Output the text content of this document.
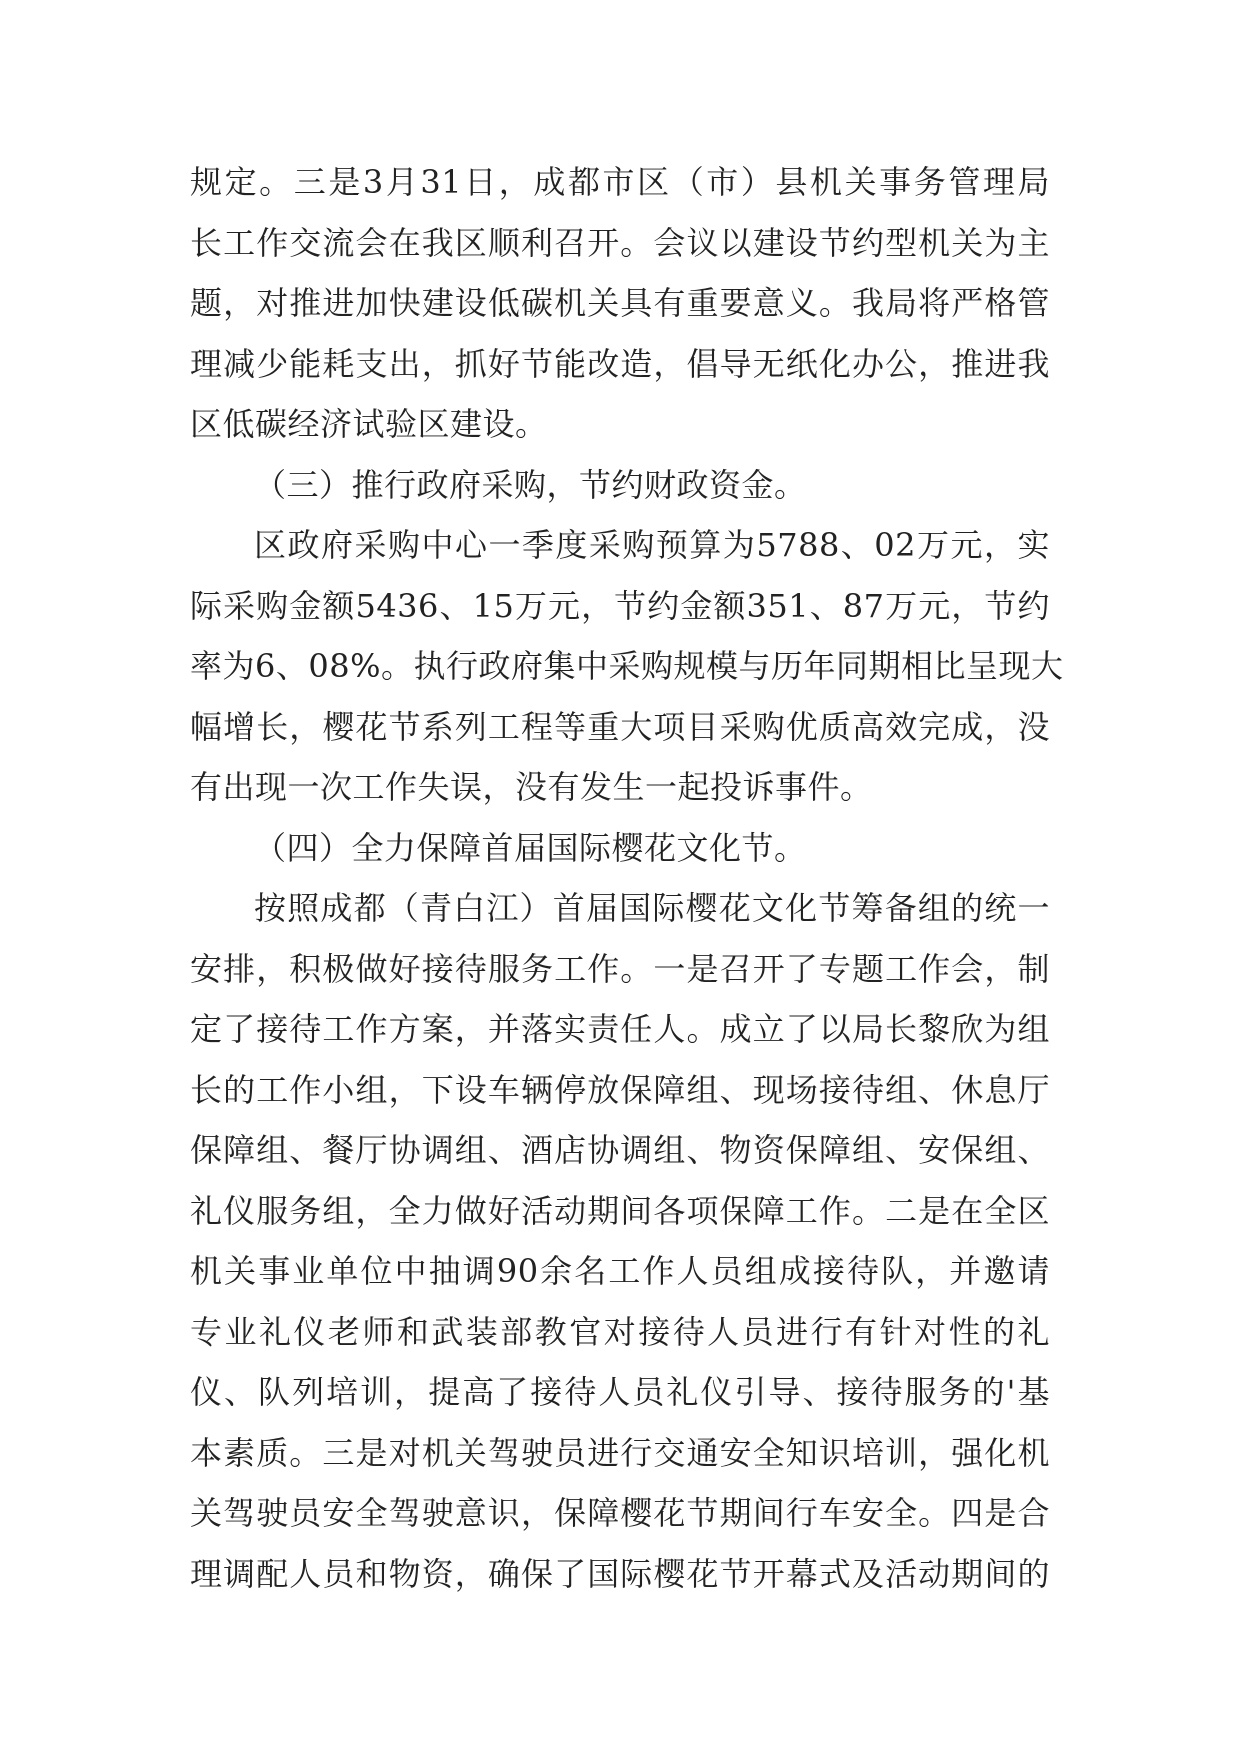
规定。三是3月31日，成都市区（市）县机关事务管理局
长工作交流会在我区顺利召开。会议以建设节约型机关为主
题，对推进加快建设低碳机关具有重要意义。我局将严格管
理减少能耗支出，抓好节能改造，倡导无纸化办公，推进我
区低碳经济试验区建设。
（三）推行政府采购，节约财政资金。
区政府采购中心一季度采购预算为5788、02万元，实
际采购金额5436、15万元，节约金额351、87万元，节约
率为6、08%。执行政府集中采购规模与历年同期相比呈现大
幅增长，樱花节系列工程等重大项目采购优质高效完成，没
有出现一次工作失误，没有发生一起投诉事件。
（四）全力保障首届国际樱花文化节。
按照成都（青白江）首届国际樱花文化节筹备组的统一
安排，积极做好接待服务工作。一是召开了专题工作会，制
定了接待工作方案，并落实责任人。成立了以局长黎欣为组
长的工作小组，下设车辆停放保障组、现场接待组、休息厅
保障组、餐厅协调组、酒店协调组、物资保障组、安保组、
礼仪服务组，全力做好活动期间各项保障工作。二是在全区
机关事业单位中抽调90余名工作人员组成接待队，并邀请
专业礼仪老师和武装部教官对接待人员进行有针对性的礼
仪、队列培训，提高了接待人员礼仪引导、接待服务的'基
本素质。三是对机关驾驶员进行交通安全知识培训，强化机
关驾驶员安全驾驶意识，保障樱花节期间行车安全。四是合
理调配人员和物资，确保了国际樱花节开幕式及活动期间的
